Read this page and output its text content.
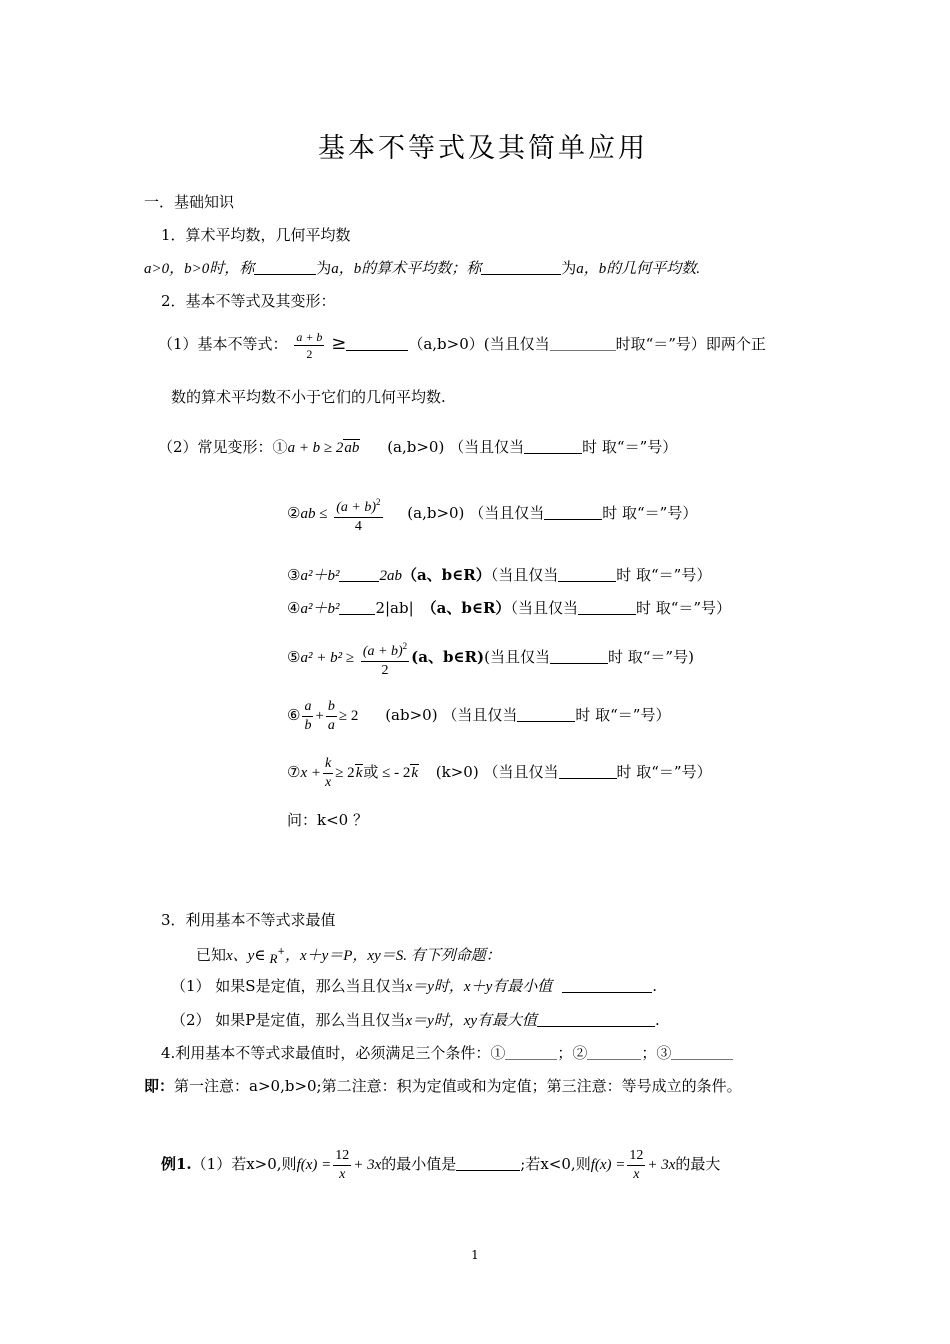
基本不等式及其简单应用
一．基础知识
1．算术平均数，几何平均数
a>0，b>0时，称	为a，b的算术平均数；称	为a，b的几何平均数.
2．基本不等式及其变形：
（1）基本不等式： $\frac{a + b}{2}$ ≥	（a,b>0）(当且仅当	时取“＝”号）即两个正
数的算术平均数不小于它们的几何平均数.
（2）常见变形：①a + b ≥ 2ab (a,b>0) （当且仅当	时 取“＝”号）
②ab ≤ $\frac{(a + b)^2}{4} (a,b>0)$ （当且仅当	时 取“＝”号）
③a²＋b²	2ab（a、b∈R）（当且仅当	时 取“＝”号）
④a²＋b² 2|ab| （a、b∈R）（当且仅当	时 取“＝”号）
⑤a² + $b^2 \ge \frac{(a + b)^2}{2} (a$、b∈R)(当且仅当	时 取“＝”号)
⑥ $\frac{a}{b} + \frac{b}{a} \ge 2$ (ab>0) （当且仅当	时 取“＝”号）
⑦x + $\frac{k}{x} \ge 2k$或 ≤ - 2k (k>0) （当且仅当	时 取“＝”号）
问：k<0 ？
3．利用基本不等式求最值
已知x、y∈ R+，x＋y＝P，xy＝S. 有下列命题：
（1） 如果S是定值，那么当且仅当x＝y时，x＋y有最小值	.
（2） 如果P是定值，那么当且仅当x＝y时，xy有最大值	.
4.利用基本不等式求最值时，必须满足三个条件：①	；②	；③
即：第一注意：a>0,b>0;第二注意：积为定值或和为定值；第三注意：等号成立的条件。
例1.（1）若x>0,则$f(x) = \frac{12}{x} + 3x$的最小值是	;若x<0,则$f(x) = \frac{12}{x} + 3x$的最大
1
